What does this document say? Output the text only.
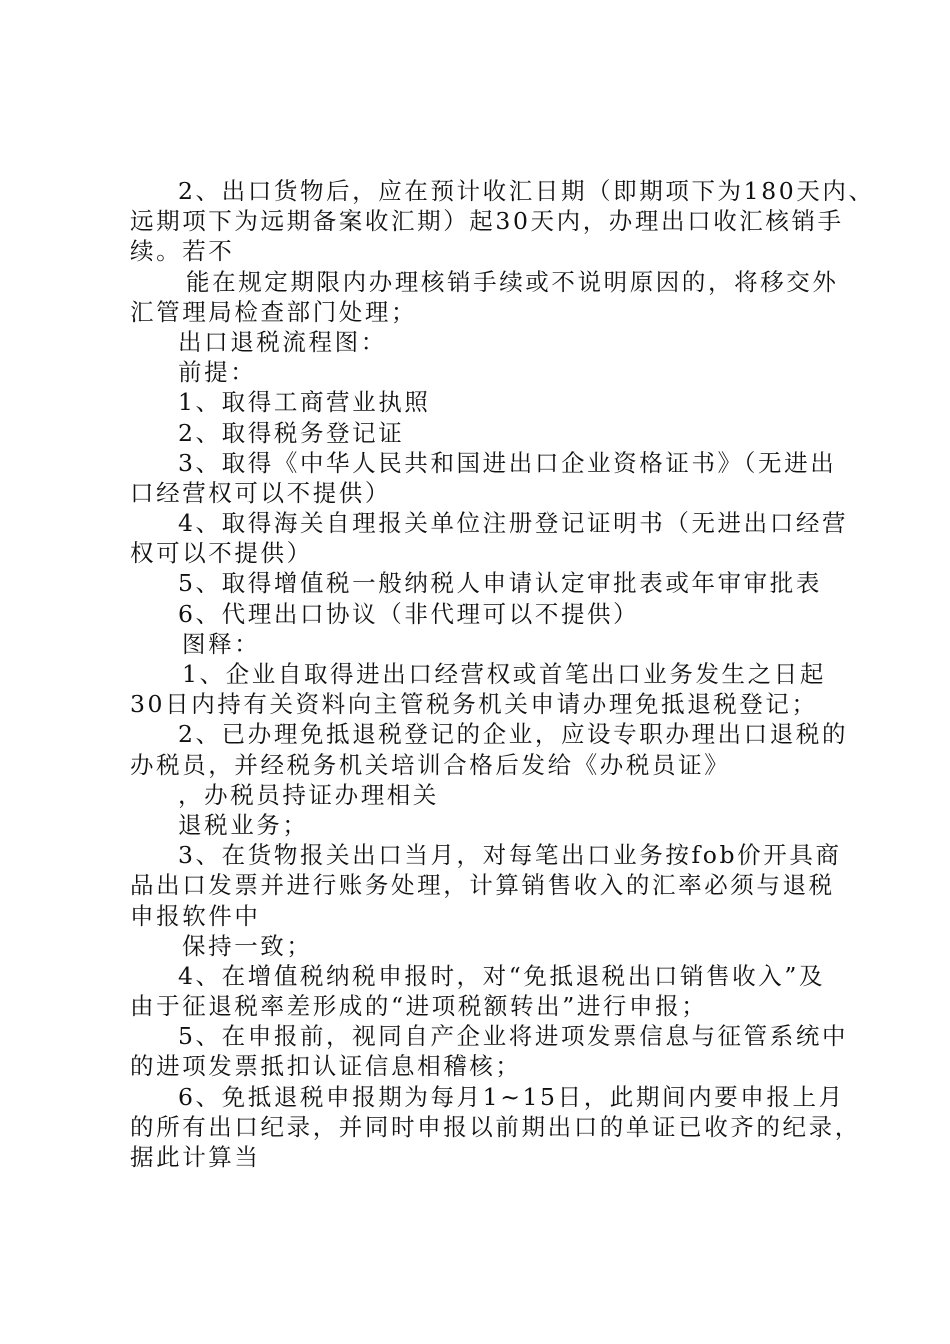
2、出口货物后，应在预计收汇日期（即期项下为180天内、
远期项下为远期备案收汇期）起30天内，办理出口收汇核销手
续。若不
能在规定期限内办理核销手续或不说明原因的，将移交外
汇管理局检查部门处理；
出口退税流程图：
前提：
1、取得工商营业执照
2、取得税务登记证
3、取得《中华人民共和国进出口企业资格证书》（无进出
口经营权可以不提供）
4、取得海关自理报关单位注册登记证明书（无进出口经营
权可以不提供）
5、取得增值税一般纳税人申请认定审批表或年审审批表
6、代理出口协议（非代理可以不提供）
图释：
1、企业自取得进出口经营权或首笔出口业务发生之日起
30日内持有关资料向主管税务机关申请办理免抵退税登记；
2、已办理免抵退税登记的企业，应设专职办理出口退税的
办税员，并经税务机关培训合格后发给《办税员证》
，办税员持证办理相关
退税业务；
3、在货物报关出口当月，对每笔出口业务按fob价开具商
品出口发票并进行账务处理，计算销售收入的汇率必须与退税
申报软件中
保持一致；
4、在增值税纳税申报时，对“免抵退税出口销售收入”及
由于征退税率差形成的“进项税额转出”进行申报；
5、在申报前，视同自产企业将进项发票信息与征管系统中
的进项发票抵扣认证信息相稽核；
6、免抵退税申报期为每月1~15日，此期间内要申报上月
的所有出口纪录，并同时申报以前期出口的单证已收齐的纪录，
据此计算当
